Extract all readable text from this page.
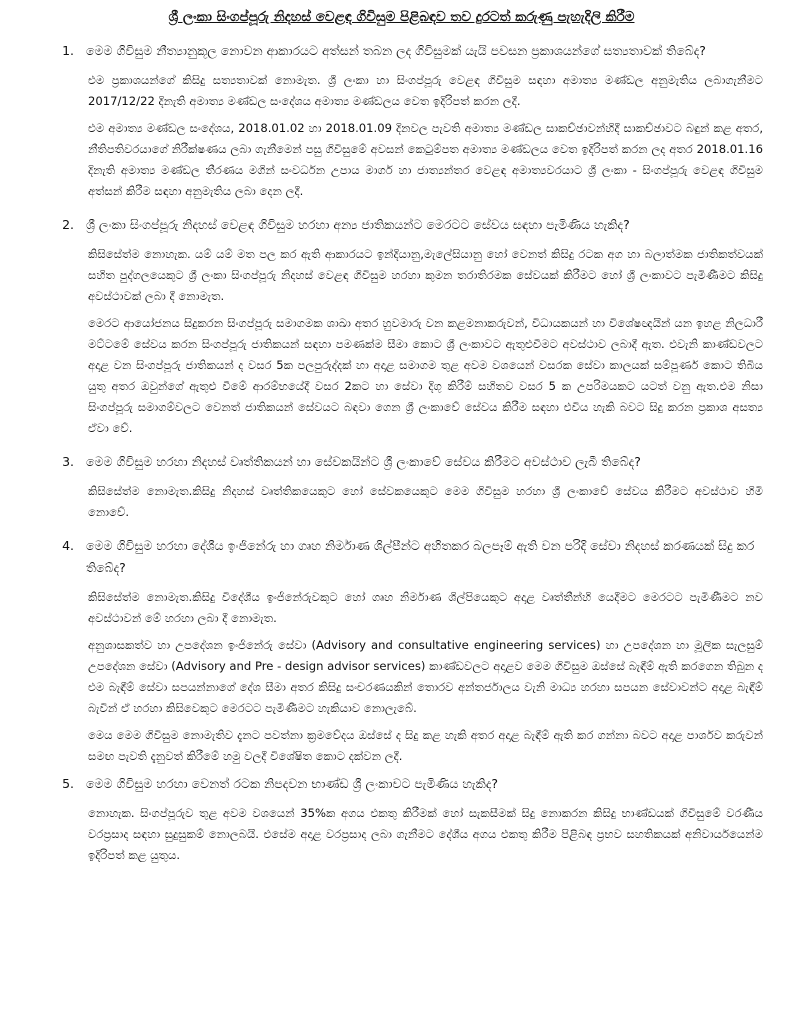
ශ්‍රී ලංකා සිංගප්පූරු නිදහස් වෙළඳ ගිවිසුම පිළිබඳව තව දුරටත් කරුණු පැහැදිලි කිරීම
1. මෙම ගිවිසුම නීත්‍යානුකූල නොවන ආකාරයට අත්සන් තබන ලද ගිවිසුමක් යැයි පවසන ප්‍රකාශයන්ගේ සත්‍යතාවක් තිබේද?

එම ප්‍රකාශයන්ගේ කිසිදු සත්‍යතාවක් නොමැත. ශ්‍රී ලංකා හා සිංගප්පූරු වෙළඳ ගිවිසුම සඳහා අමාත්‍ය මණ්ඩල අනුමැතිය ලබාගැනීමට 2017/12/22 දිනැති අමාත්‍ය මණ්ඩල සංදේශය අමාත්‍ය මණ්ඩලය වෙත ඉදිරිපත් කරන ලදී.

එම අමාත්‍ය මණ්ඩල සංදේශය, 2018.01.02 හා 2018.01.09 දිනවල පැවති අමාත්‍ය මණ්ඩල සාකච්ඡාවන්හිදී සාකච්ඡාවට බඳුන් කළ අතර, නීතිපතිවරයාගේ නිරීක්ෂණය ලබා ගැනීමෙන් පසු ගිවිසුමේ අවසන් කෙටුම්පත අමාත්‍ය මණ්ඩලය වෙත ඉදිරිපත් කරන ලද අතර 2018.01.16 දිනැති අමාත්‍ය මණ්ඩල තීරණය මගින් සංවර්ධන උපාය මාර්ග හා ජාත්‍යන්තර වෙළඳ අමාත්‍යවරයාට ශ්‍රී ලංකා - සිංගප්පූරු වෙළඳ ගිවිසුම අත්සන් කිරීම සඳහා අනුමැතිය ලබා දෙන ලදී.

2. ශ්‍රී ලංකා සිංගප්පූරු නිදහස් වෙළඳ ගිවිසුම හරහා අන්‍ය ජාතිකයන්ට මෙරටට සේවය සඳහා පැමිණිය හැකිද?

කිසිසේත්ම නොහැක. යම් යම් මත පල කර ඇති ආකාරයට ඉන්දියානු,මැලේසියානු හෝ වෙනත් කිසිදු රටක අග හා බලාත්මක ජාතිකත්වයක් සහිත පුද්ගලයෙකුට ශ්‍රී ලංකා සිංගප්පූරු නිදහස් වෙළඳ ගිවිසුම හරහා කුමන තරාතිරමක සේවයක් කිරීමට හෝ ශ්‍රී ලංකාවට පැමිණීමට කිසිදු අවස්ථාවක් ලබා දී නොමැත.

මෙරට ආයෝජනය සිදුකරන සිංගප්පූරු සමාගමක ශාඛා අතර හුවමාරු වන කළමනාකරුවන්, විධායකයන් හා විශේෂඥයින් යන ඉහළ නිලධාරී මට්ටමේ සේවය කරන සිංගප්පූරු ජාතිකයන් සඳහා පමණක්ම සීමා කොට ශ්‍රී ලංකාවට ඇතුළුවීමට අවස්ථාව ලබාදී ඇත. එවැනි කාණ්ඩවලට අදාළ වන සිංගප්පූරු ජාතිකයන් ද වසර 5ක පලපුරුද්දක් හා අදාළ සමාගම තුළ අවම වශයෙන් වසරක සේවා කාලයක් සම්පූර්ණ කොට තිබිය යුතු අතර ඔවුන්ගේ ඇතුළු වීමේ ආරම්භයේදී වසර 2කට හා සේවා දිගු කිරීම් සහිතව වසර 5 ක උපරිමයකට යටත් වනු ඇත.එම නිසා සිංගප්පූරු සමාගම්වලට වෙනත් ජාතිකයන් සේවයට බඳවා ගෙන ශ්‍රී ලංකාවේ සේවය කිරීම සඳහා එවිය හැකි බවට සිදු කරන ප්‍රකාශ අසත්‍ය ඒවා වේ.

3. මෙම ගිවිසුම හරහා නිදහස් වෘත්තිකයන් හා සේවකයින්ට ශ්‍රී ලංකාවේ සේවය කිරීමට අවස්ථාව ලැබී තිබේද?

කිසිසේත්ම නොමැත.කිසිදු නිදහස් වෘත්තිකයෙකුට හෝ සේවකයෙකුට මෙම ගිවිසුම හරහා ශ්‍රී ලංකාවේ සේවය කිරීමට අවස්ථාව හිමි නොවේ.

4. මෙම ගිවිසුම හරහා දේශීය ඉංජිනේරු හා ගෘහ නිර්මාණ ශිල්පීන්ට අහිතකර බලපෑම් ඇති වන පරිදි සේවා නිදහස් කරණයක් සිදු කර තිබේද?

කිසිසේත්ම නොමැත.කිසිදු විදේශීය ඉංජිනේරුවකුට හෝ ගෘහ නිර්මාණ ශිල්පියෙකුට අදාළ වෘත්තීන්හි යෙදීමට මෙරටට පැමිණීමට නව අවස්ථාවන් මේ හරහා ලබා දී නොමැත.

අනුශාසකත්ව හා උපදේශන ඉංජිනේරු සේවා (Advisory and consultative engineering services) හා උපදේශන හා මූලික සැලසුම් උපදේශන සේවා (Advisory and Pre - design advisor services) කාණ්ඩවලට අදාළව මෙම ගිවිසුම ඔස්සේ බැඳීම් ඇති කරගෙන තිබුන ද එම බැඳීම් සේවා සපයන්නාගේ දේශ සීමා අතර කිසිදු සංචරණයකින් තොරව අන්තර්ජාලය වැනි මාධ්‍ය හරහා සපයන සේවාවන්ට අදාළ බැඳීම් බැවින් ඒ හරහා කිසිවෙකුට මෙරටට පැමිණීමට හැකියාව නොලැබේ.

මෙය මෙම ගිවිසුම නොමැතිව දැනට පවත්නා ක්‍රමවේදය ඔස්සේ ද සිදු කළ හැකි අතර අදාළ බැඳීම් ඇති කර ගන්නා බවට අදාළ පාර්ශව කරුවන් සමඟ පැවති දැනුවත් කිරීමේ හමු වලදී විශේෂිත කොට දක්වන ලදී.

5. මෙම ගිවිසුම හරහා වෙනත් රටක නිපදවන භාණ්ඩ ශ්‍රී ලංකාවට පැමිණිය හැකිද?

නොහැක. සිංගප්පූරුව තුළ අවම වශයෙන් 35%ක අගය එකතු කිරීමක් හෝ සැකසීමක් සිදු නොකරන කිසිදු භාණ්ඩයක් ගිවිසුමේ වරණීය වරප්‍රසාද සඳහා සුදුසුකම් නොලබයි. එසේම අදාළ වරප්‍රසාද ලබා ගැනීමට දේශීය අගය එකතු කිරීම පිළිබඳ ප්‍රභව සහතිකයක් අනිවාර්යයෙන්ම ඉදිරිපත් කළ යුතුය.
